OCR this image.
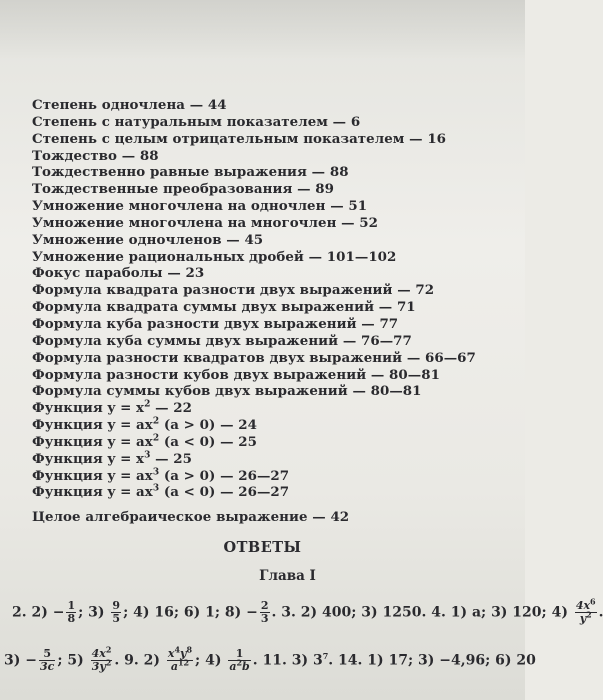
Степень одночлена — 44
Степень с натуральным показателем — 6
Степень с целым отрицательным показателем — 16
Тождество — 88
Тождественно равные выражения — 88
Тождественные преобразования — 89
Умножение многочлена на одночлен — 51
Умножение многочлена на многочлен — 52
Умножение одночленов — 45
Умножение рациональных дробей — 101—102
Фокус параболы — 23
Формула квадрата разности двух выражений — 72
Формула квадрата суммы двух выражений — 71
Формула куба разности двух выражений — 77
Формула куба суммы двух выражений — 76—77
Формула разности квадратов двух выражений — 66—67
Формула разности кубов двух выражений — 80—81
Формула суммы кубов двух выражений — 80—81
Функция $y = x^2$ — 22
Функция $y = ax^2$ (a > 0) — 24
Функция $y = ax^2$ (a < 0) — 25
Функция $y = x^3$ — 25
Функция $y = ax^3$ (a > 0) — 26—27
Функция $y = ax^3$ (a < 0) — 26—27
Целое алгебраическое выражение — 42
ОТВЕТЫ
Глава I
2. $2) - \frac{1}{8}$ ; $3) \frac{9}{5}$ ; 4) 16; 6) 1; $8) - \frac{2}{3}$ . 3. 2) 400; 3) 1250. 4. 1) a; 3) 120; $4) \frac{4x^6}{y^2}$ .
$3) - \frac{5}{3c}$ ; $5) \frac{4x^2}{3y^2}$ . 9. $2) \frac{x^4y^8}{a^{12}}$ ; $4) \frac{1}{a^2b}$ . 11. 3) $3^7$. 14. 1) 17; 3) −4,96; 6) 20
